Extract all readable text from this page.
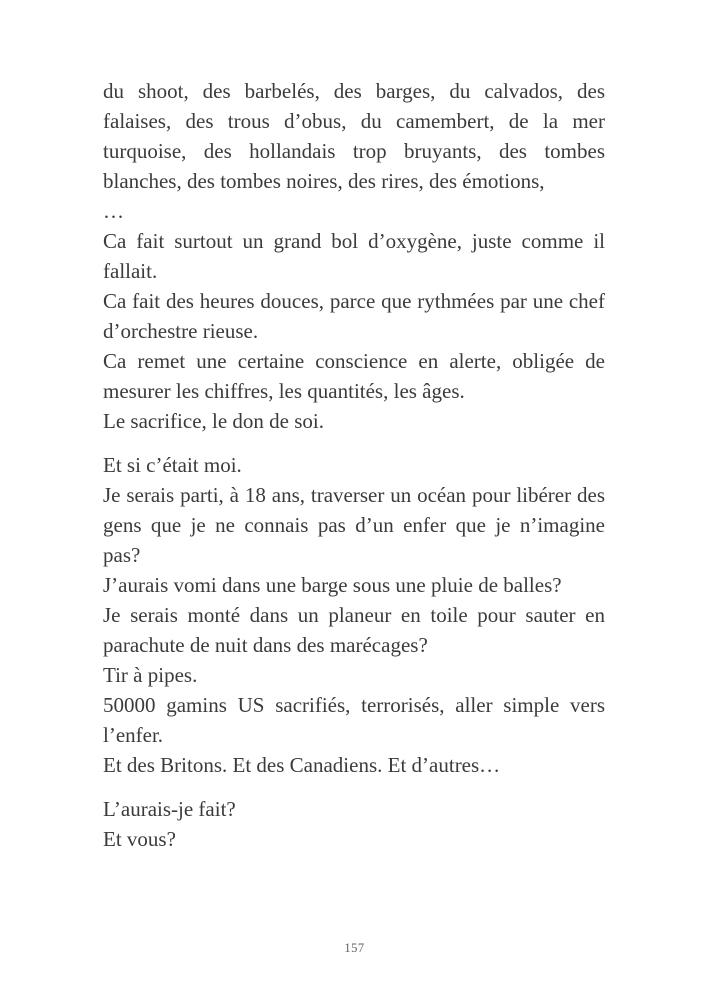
du shoot, des barbelés, des barges, du calvados, des falaises, des trous d’obus, du camembert, de la mer turquoise, des hollandais trop bruyants, des tombes blanches, des tombes noires, des rires, des émotions,

…

Ca fait surtout un grand bol d’oxygène, juste comme il fallait.

Ca fait des heures douces, parce que rythmées par une chef d’orchestre rieuse.

Ca remet une certaine conscience en alerte, obligée de mesurer les chiffres, les quantités, les âges.

Le sacrifice, le don de soi.

Et si c’était moi.

Je serais parti, à 18 ans, traverser un océan pour libérer des gens que je ne connais pas d’un enfer que je n’imagine pas?

J’aurais vomi dans une barge sous une pluie de balles?

Je serais monté dans un planeur en toile pour sauter en parachute de nuit dans des marécages?

Tir à pipes.

50000 gamins US sacrifiés, terrorisés, aller simple vers l’enfer.

Et des Britons. Et des Canadiens. Et d’autres…

L’aurais-je fait?

Et vous?

157
